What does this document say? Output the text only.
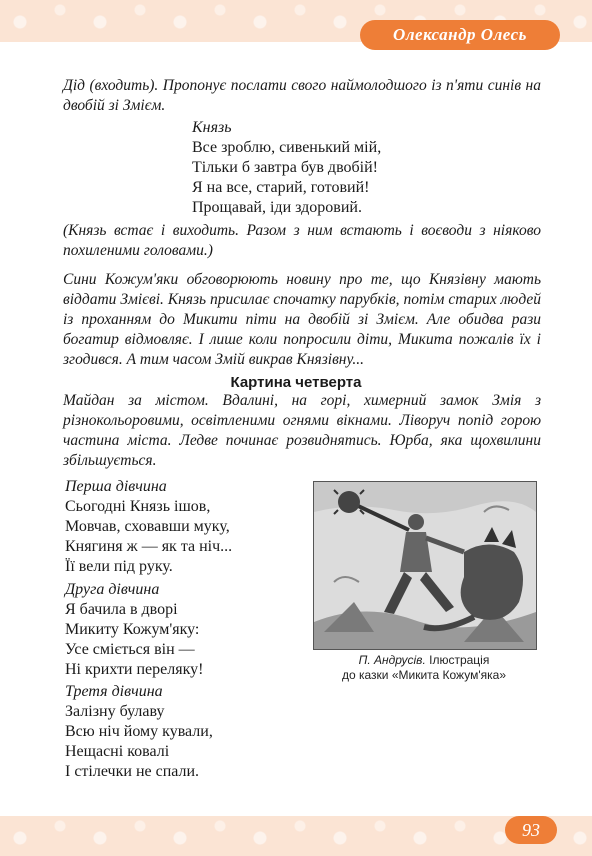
Олександр Олесь
Дід (входить). Пропонує послати свого наймолодшого із п'яти синів на двобій зі Змієм.
Князь
Все зроблю, сивенький мій,
Тільки б завтра був двобій!
Я на все, старий, готовий!
Прощавай, іди здоровий.
(Князь встає і виходить. Разом з ним встають і воєводи з ніяково похиленими головами.)
Сини Кожум'яки обговорюють новину про те, що Князівну мають віддати Змієві. Князь присилає спочатку парубків, потім старих людей із проханням до Микити піти на двобій зі Змієм. Але обидва рази богатир відмовляє. І лише коли попросили діти, Микита пожалів їх і згодився. А тим часом Змій викрав Князівну...
Картина четверта
Майдан за містом. Вдалині, на горі, химерний замок Змія з різнокольоровими, освітленими огнями вікнами. Ліворуч попід горою частина міста. Ледве починає розвиднятись. Юрба, яка щохвилини збільшується.
Перша дівчина
Сьогодні Князь ішов,
Мовчав, сховавши муку,
Княгиня ж — як та ніч...
Її вели під руку.
Друга дівчина
Я бачила в дворі
Микиту Кожум'яку:
Усе сміється він —
Ні крихти переляку!
Третя дівчина
Залізну булаву
Всю ніч йому кували,
Нещасні ковалі
І стілечки не спали.
П. Андрусів. Ілюстрація
до казки «Микита Кожум'яка»
93
